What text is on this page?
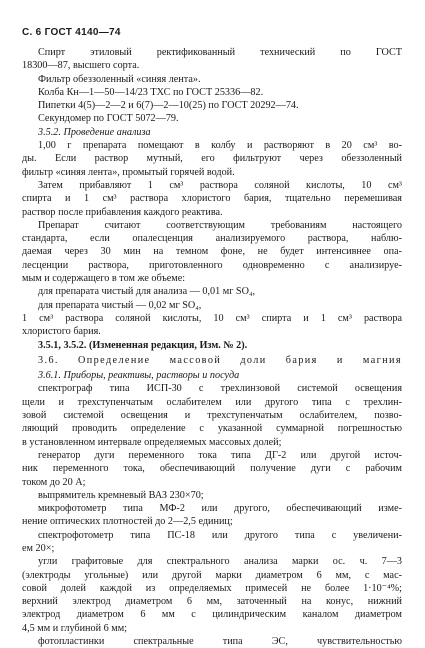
С. 6 ГОСТ 4140—74
Спирт этиловый ректификованный технический по ГОСТ
18300—87, высшего сорта.
Фильтр обеззоленный «синяя лента».
Колба Кн—1—50—14/23 ТХС по ГОСТ 25336—82.
Пипетки 4(5)—2—2 и 6(7)—2—10(25) по ГОСТ 20292—74.
Секундомер по ГОСТ 5072—79.
3.5.2. Проведение анализа
1,00 г препарата помещают в колбу и растворяют в 20 см³ во-
ды. Если раствор мутный, его фильтруют через обеззоленный
фильтр «синяя лента», промытый горячей водой.
Затем прибавляют 1 см³ раствора соляной кислоты, 10 см³
спирта и 1 см³ раствора хлористого бария, тщательно перемешивая
раствор после прибавления каждого реактива.
Препарат считают соответствующим требованиям настоящего
стандарта, если опалесценция анализируемого раствора, наблю-
даемая через 30 мин на темном фоне, не будет интенсивнее опа-
лесценции раствора, приготовленного одновременно с анализируе-
мым и содержащего в том же объеме:
для препарата чистый для анализа — 0,01 мг SO₄,
для препарата чистый — 0,02 мг SO₄,
1 см³ раствора соляной кислоты, 10 см³ спирта и 1 см³ раствора
хлористого бария.
3.5.1, 3.5.2. (Измененная редакция, Изм. № 2).
3.6. Определение массовой доли бария и магния
3.6.1. Приборы, реактивы, растворы и посуда
спектрограф типа ИСП-30 с трехлинзовой системой освещения
щели и трехступенчатым ослабителем или другого типа с трехлин-
зовой системой освещения и трехступенчатым ослабителем, позво-
ляющий проводить определение с указанной суммарной погрешностью
в установленном интервале определяемых массовых долей;
генератор дуги переменного тока типа ДГ-2 или другой источ-
ник переменного тока, обеспечивающий получение дуги с рабочим
током до 20 А;
выпрямитель кремневый ВАЗ 230×70;
микрофотометр типа МФ-2 или другого, обеспечивающий изме-
нение оптических плотностей до 2—2,5 единиц;
спектрофотометр типа ПС-18 или другого типа с увеличени-
ем 20×;
угли графитовые для спектрального анализа марки ос. ч. 7—3
(электроды угольные) или другой марки диаметром 6 мм, с мас-
совой долей каждой из определяемых примесей не более 1·10⁻⁴%;
верхний электрод диаметром 6 мм, заточенный на конус, нижний
электрод диаметром 6 мм с цилиндрическим каналом диаметром
4,5 мм и глубиной 6 мм;
фотопластинки спектральные типа ЭС, чувствительностью
